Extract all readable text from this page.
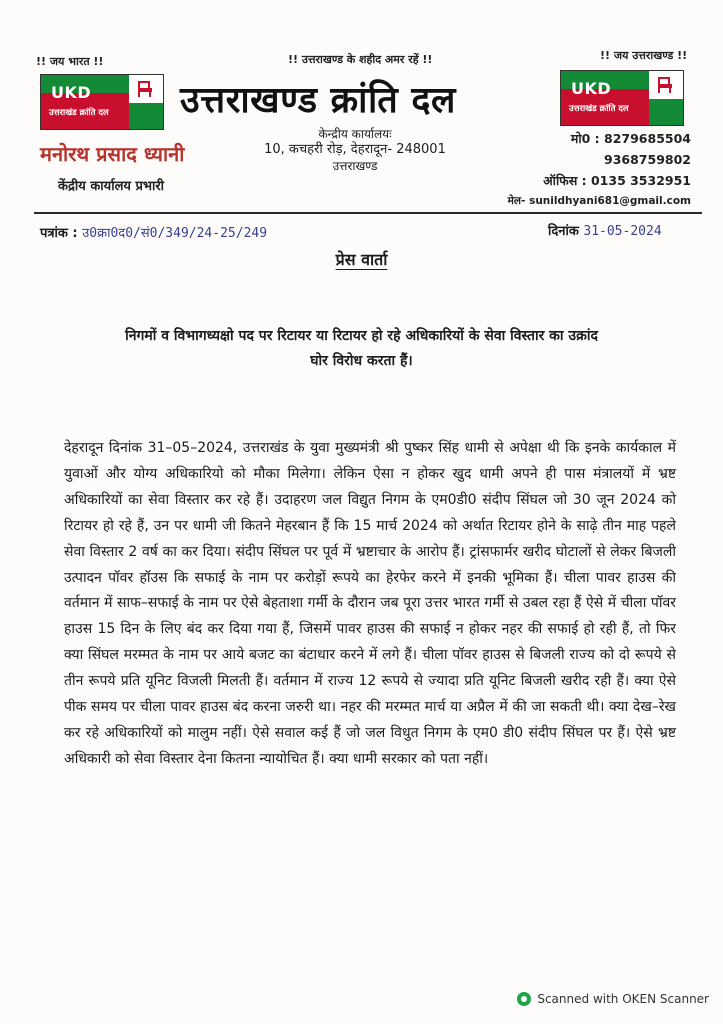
!! जय भारत !!	!! उत्तराखण्ड के शहीद अमर रहें !!	!! जय उत्तराखण्ड !!
UKD
उत्तराखंड क्रांति दल
UKD
उत्तराखंड क्रांति दल
उत्तराखण्ड क्रांति दल
मनोरथ प्रसाद ध्यानी
केंद्रीय कार्यालय प्रभारी
केन्द्रीय कार्यालयः
10, कचहरी रोड़, देहरादून- 248001
उत्तराखण्ड
मो0 : 8279685504
9368759802
ऑफिस : 0135 3532951
मेल- sunildhyani681@gmail.com
पत्रांक : उ0क्रा0द0/सं0/349/24-25/249	दिनांक 31-05-2024
प्रेस वार्ता
निगमों व विभागध्यक्षो पद पर रिटायर या रिटायर हो रहे अधिकारियों के सेवा विस्तार का उक्रांद
घोर विरोध करता हैं।
देहरादून दिनांक 31–05–2024, उत्तराखंड के युवा मुख्यमंत्री श्री पुष्कर सिंह धामी से अपेक्षा थी कि इनके कार्यकाल में युवाओं और योग्य अधिकारियो को मौका मिलेगा। लेकिन ऐसा न होकर खुद धामी अपने ही पास मंत्रालयों में भ्रष्ट अधिकारियों का सेवा विस्तार कर रहे हैं। उदाहरण जल विद्युत निगम के एम0डी0 संदीप सिंघल जो 30 जून 2024 को रिटायर हो रहे हैं, उन पर धामी जी कितने मेहरबान हैं कि 15 मार्च 2024 को अर्थात रिटायर होने के साढ़े तीन माह पहले सेवा विस्तार 2 वर्ष का कर दिया। संदीप सिंघल पर पूर्व में भ्रष्टाचार के आरोप हैं। ट्रांसफार्मर खरीद घोटालों से लेकर बिजली उत्पादन पॉवर हॉउस कि सफाई के नाम पर करोड़ों रूपये का हेरफेर करने में इनकी भूमिका हैं। चीला पावर हाउस की वर्तमान में साफ–सफाई के नाम पर ऐसे बेहताशा गर्मी के दौरान जब पूरा उत्तर भारत गर्मी से उबल रहा हैं ऐसे में चीला पॉवर हाउस 15 दिन के लिए बंद कर दिया गया हैं, जिसमें पावर हाउस की सफाई न होकर नहर की सफाई हो रही हैं, तो फिर क्या सिंघल मरम्मत के नाम पर आये बजट का बंटाधार करने में लगे हैं। चीला पॉवर हाउस से बिजली राज्य को दो रूपये से तीन रूपये प्रति यूनिट विजली मिलती हैं। वर्तमान में राज्य 12 रूपये से ज्यादा प्रति यूनिट बिजली खरीद रही हैं। क्या ऐसे पीक समय पर चीला पावर हाउस बंद करना जरुरी था। नहर की मरम्मत मार्च या अप्रैल में की जा सकती थी। क्या देख–रेख कर रहे अधिकारियों को मालुम नहीं। ऐसे सवाल कई हैं जो जल विधुत निगम के एम0 डी0 संदीप सिंघल पर हैं। ऐसे भ्रष्ट अधिकारी को सेवा विस्तार देना कितना न्यायोचित हैं। क्या धामी सरकार को पता नहीं।
Scanned with OKEN Scanner
